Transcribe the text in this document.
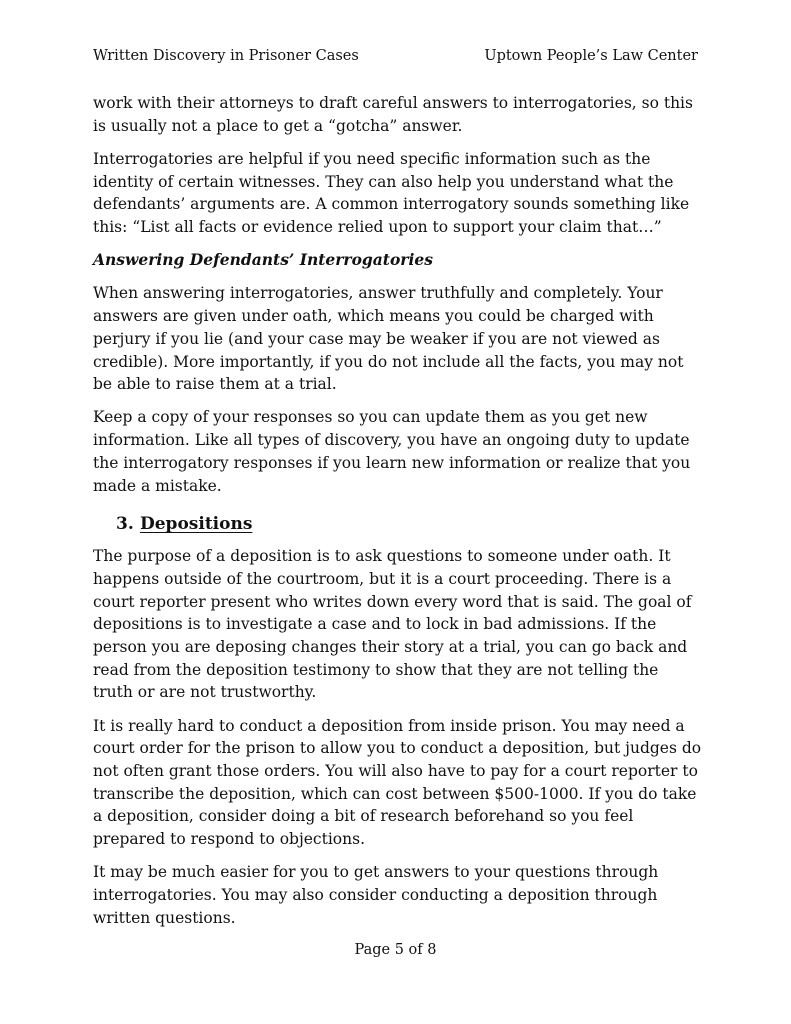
Written Discovery in Prisoner Cases	Uptown People’s Law Center

work with their attorneys to draft careful answers to interrogatories, so this is usually not a place to get a “gotcha” answer.

Interrogatories are helpful if you need specific information such as the identity of certain witnesses. They can also help you understand what the defendants’ arguments are. A common interrogatory sounds something like this: “List all facts or evidence relied upon to support your claim that…”

Answering Defendants’ Interrogatories

When answering interrogatories, answer truthfully and completely. Your answers are given under oath, which means you could be charged with perjury if you lie (and your case may be weaker if you are not viewed as credible). More importantly, if you do not include all the facts, you may not be able to raise them at a trial.

Keep a copy of your responses so you can update them as you get new information. Like all types of discovery, you have an ongoing duty to update the interrogatory responses if you learn new information or realize that you made a mistake.

3. Depositions

The purpose of a deposition is to ask questions to someone under oath. It happens outside of the courtroom, but it is a court proceeding. There is a court reporter present who writes down every word that is said. The goal of depositions is to investigate a case and to lock in bad admissions. If the person you are deposing changes their story at a trial, you can go back and read from the deposition testimony to show that they are not telling the truth or are not trustworthy.

It is really hard to conduct a deposition from inside prison. You may need a court order for the prison to allow you to conduct a deposition, but judges do not often grant those orders. You will also have to pay for a court reporter to transcribe the deposition, which can cost between $500-1000. If you do take a deposition, consider doing a bit of research beforehand so you feel prepared to respond to objections.

It may be much easier for you to get answers to your questions through interrogatories. You may also consider conducting a deposition through written questions.

Page 5 of 8
